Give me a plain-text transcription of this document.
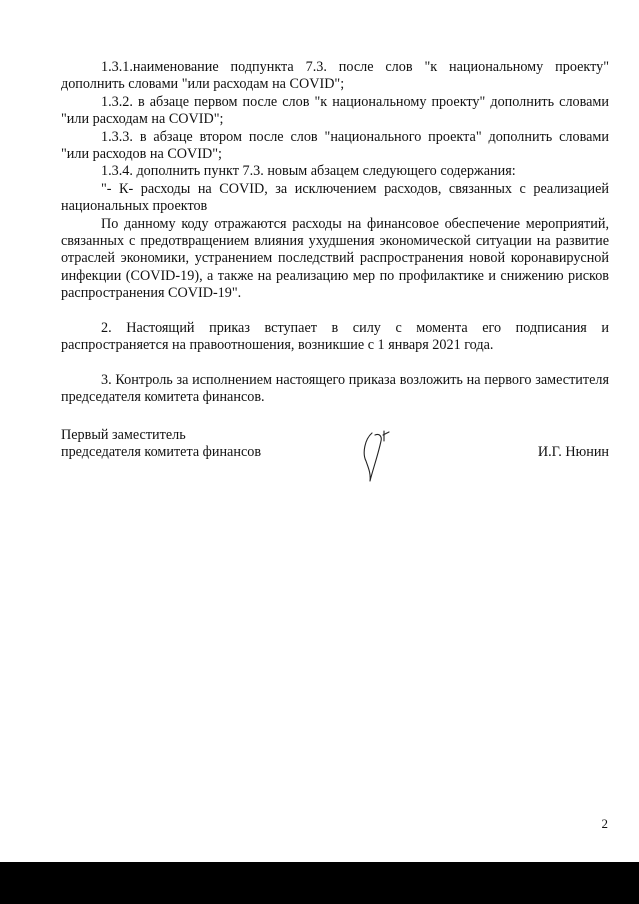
1.3.1.наименование подпункта 7.3. после слов "к национальному проекту" дополнить словами "или расходам на COVID";

1.3.2. в абзаце первом после слов "к национальному проекту" дополнить словами "или расходам на COVID";

1.3.3. в абзаце втором после слов "национального проекта" дополнить словами "или расходов на COVID";

1.3.4. дополнить пункт 7.3. новым абзацем следующего содержания:

"- К- расходы на COVID, за исключением расходов, связанных с реализацией национальных проектов

По данному коду отражаются расходы на финансовое обеспечение мероприятий, связанных с предотвращением влияния ухудшения экономической ситуации на развитие отраслей экономики, устранением последствий распространения новой коронавирусной инфекции (COVID-19), а также на реализацию мер по профилактике и снижению рисков распространения COVID-19".

2. Настоящий приказ вступает в силу с момента его подписания и распространяется на правоотношения, возникшие с 1 января 2021 года.

3. Контроль за исполнением настоящего приказа возложить на первого заместителя председателя комитета финансов.

Первый заместитель
председателя комитета финансов	И.Г. Нюнин
2
